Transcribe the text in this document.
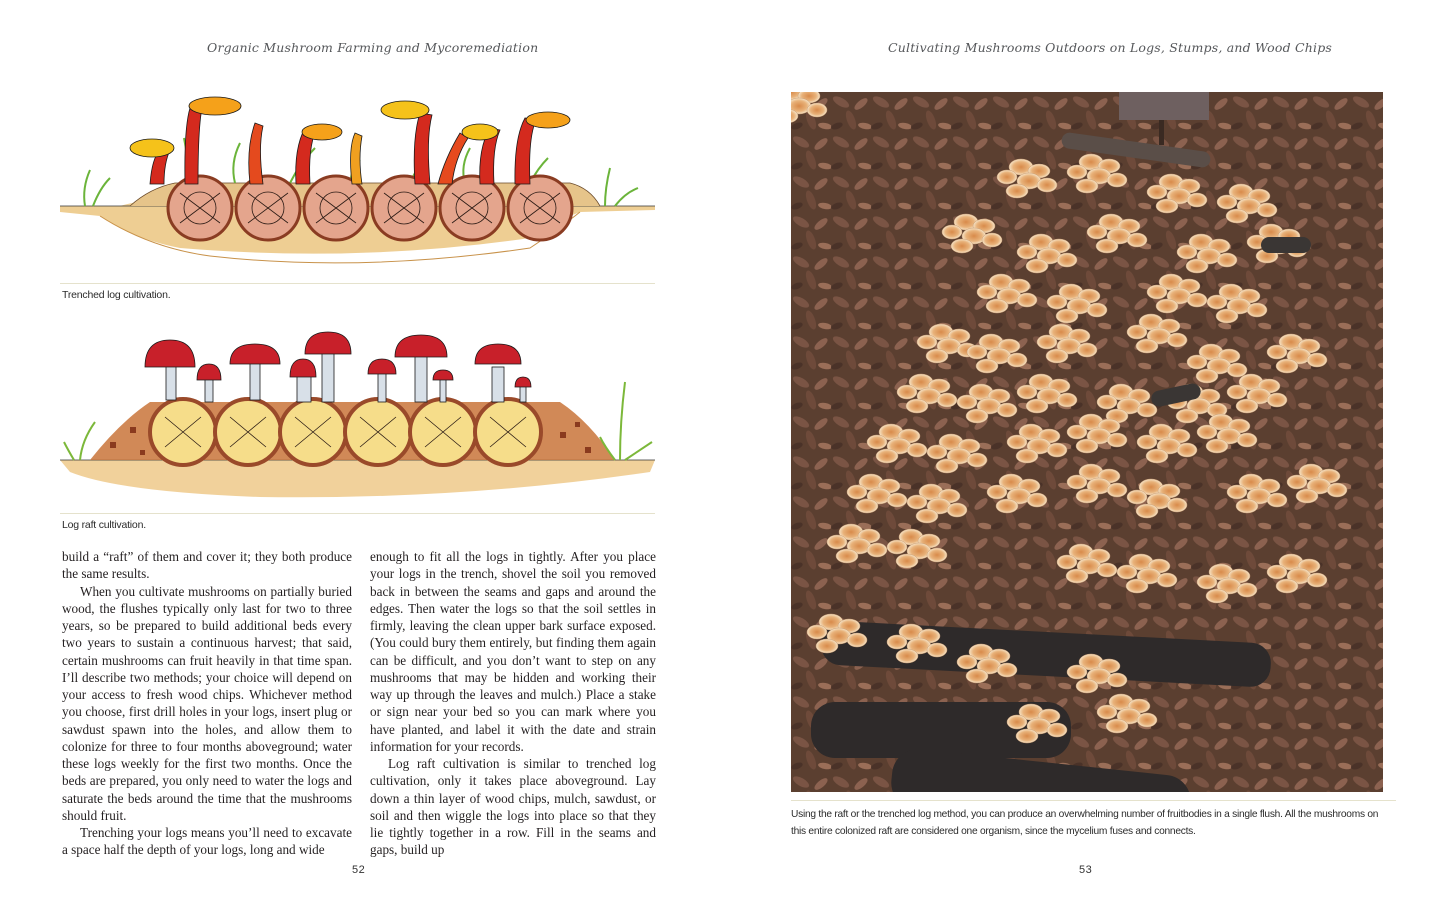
Organic Mushroom Farming and Mycoremediation
Trenched log cultivation.
Log raft cultivation.

build a “raft” of them and cover it; they both produce the same results.

When you cultivate mushrooms on partially buried wood, the flushes typically only last for two to three years, so be prepared to build additional beds every two years to sustain a continuous harvest; that said, certain mushrooms can fruit heavily in that time span. I’ll describe two methods; your choice will depend on your access to fresh wood chips. Whichever method you choose, first drill holes in your logs, insert plug or sawdust spawn into the holes, and allow them to colonize for three to four months aboveground; water these logs weekly for the first two months. Once the beds are prepared, you only need to water the logs and saturate the beds around the time that the mushrooms should fruit.

Trenching your logs means you’ll need to excavate a space half the depth of your logs, long and wide

enough to fit all the logs in tightly. After you place your logs in the trench, shovel the soil you removed back in between the seams and gaps and around the edges. Then water the logs so that the soil settles in firmly, leaving the clean upper bark surface exposed. (You could bury them entirely, but finding them again can be difficult, and you don’t want to step on any mushrooms that may be hidden and working their way up through the leaves and mulch.) Place a stake or sign near your bed so you can mark where you have planted, and label it with the date and strain information for your records.

Log raft cultivation is similar to trenched log cultivation, only it takes place aboveground. Lay down a thin layer of wood chips, mulch, sawdust, or soil and then wiggle the logs into place so that they lie tightly together in a row. Fill in the seams and gaps, build up

52
Cultivating Mushrooms Outdoors on Logs, Stumps, and Wood Chips
Using the raft or the trenched log method, you can produce an overwhelming number of fruitbodies in a single flush. All the mushrooms on this entire colonized raft are considered one organism, since the mycelium fuses and connects.
53
